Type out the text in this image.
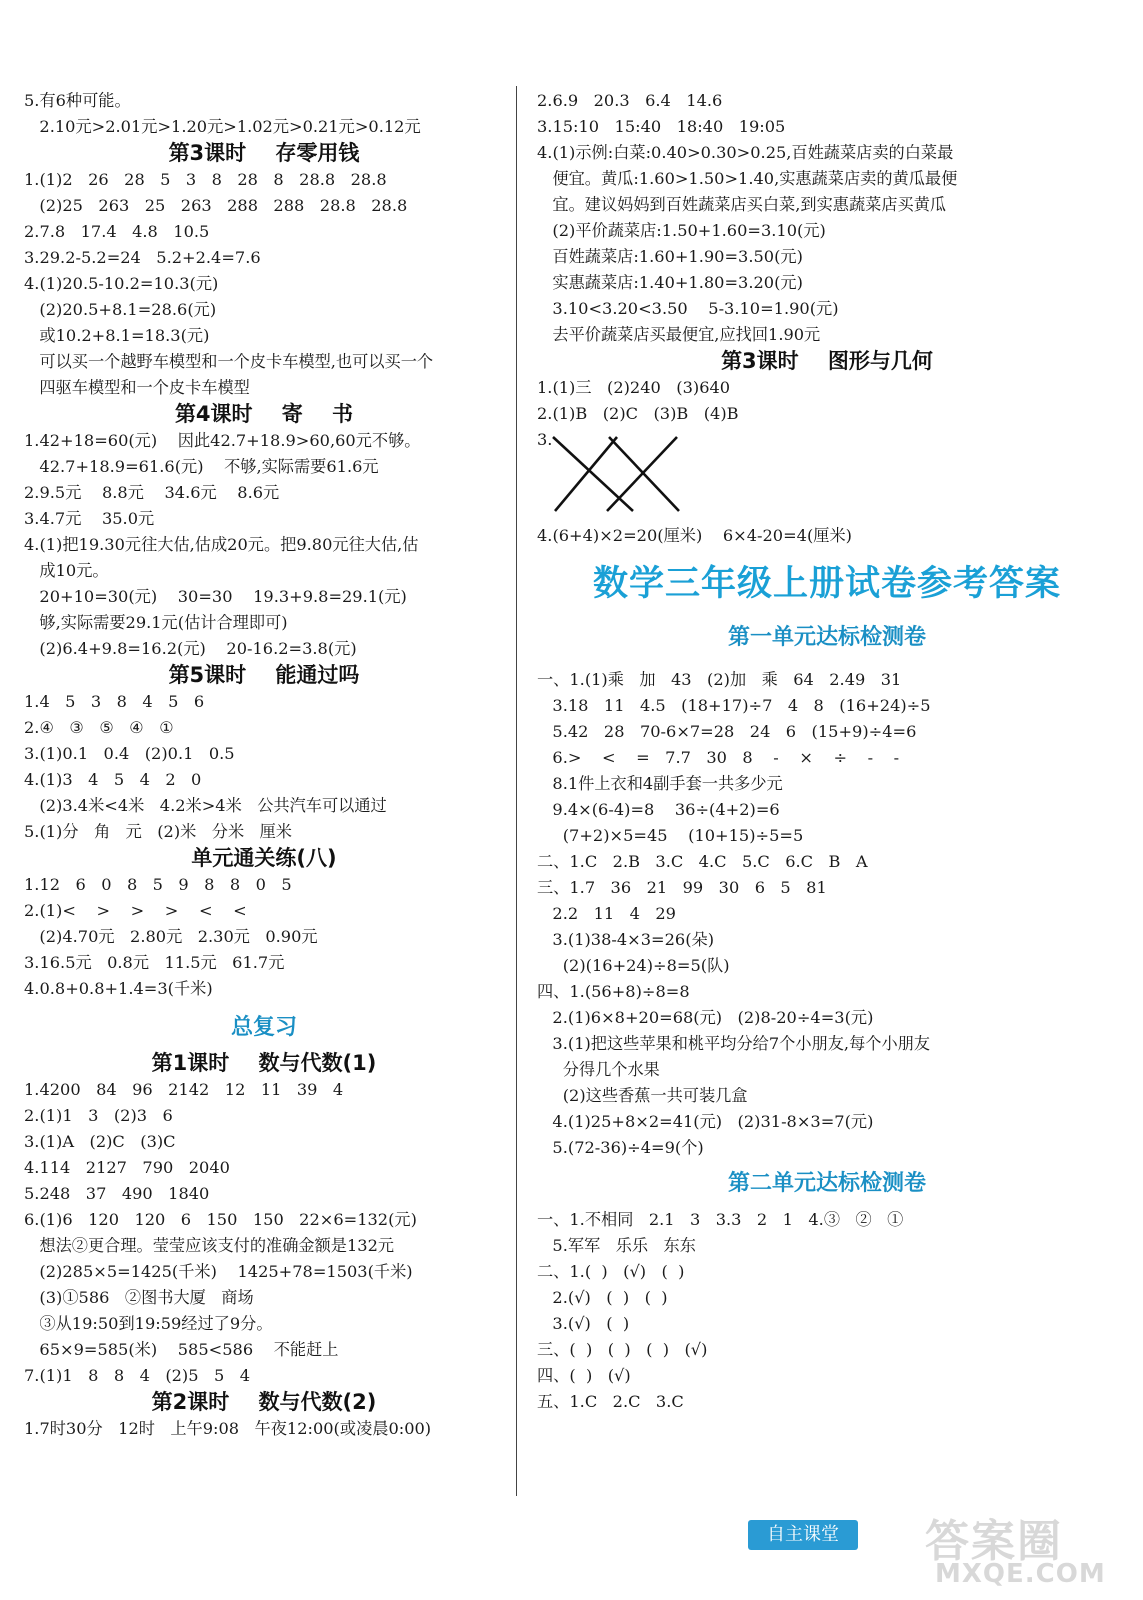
5.有6种可能。
2.10元>2.01元>1.20元>1.02元>0.21元>0.12元
第3课时    存零用钱
1.(1)2   26   28   5   3   8   28   8   28.8   28.8
(2)25   263   25   263   288   288   28.8   28.8
2.7.8   17.4   4.8   10.5
3.29.2-5.2=24   5.2+2.4=7.6
4.(1)20.5-10.2=10.3(元)
(2)20.5+8.1=28.6(元)
或10.2+8.1=18.3(元)
可以买一个越野车模型和一个皮卡车模型,也可以买一个
四驱车模型和一个皮卡车模型
第4课时    寄    书
1.42+18=60(元)    因此42.7+18.9>60,60元不够。
42.7+18.9=61.6(元)    不够,实际需要61.6元
2.9.5元    8.8元    34.6元    8.6元
3.4.7元    35.0元
4.(1)把19.30元往大估,估成20元。把9.80元往大估,估
成10元。
20+10=30(元)    30=30    19.3+9.8=29.1(元)
够,实际需要29.1元(估计合理即可)
(2)6.4+9.8=16.2(元)    20-16.2=3.8(元)
第5课时    能通过吗
1.4   5   3   8   4   5   6
2.④   ③   ⑤   ④   ①
3.(1)0.1   0.4   (2)0.1   0.5
4.(1)3   4   5   4   2   0
(2)3.4米<4米   4.2米>4米   公共汽车可以通过
5.(1)分   角   元   (2)米   分米   厘米
单元通关练(八)
1.12   6   0   8   5   9   8   8   0   5
2.(1)<    >    >    >    <    <
(2)4.70元   2.80元   2.30元   0.90元
3.16.5元   0.8元   11.5元   61.7元
4.0.8+0.8+1.4=3(千米)
总复习
第1课时    数与代数(1)
1.4200   84   96   2142   12   11   39   4
2.(1)1   3   (2)3   6
3.(1)A   (2)C   (3)C
4.114   2127   790   2040
5.248   37   490   1840
6.(1)6   120   120   6   150   150   22×6=132(元)
想法②更合理。莹莹应该支付的准确金额是132元
(2)285×5=1425(千米)    1425+78=1503(千米)
(3)①586   ②图书大厦   商场
③从19:50到19:59经过了9分。
65×9=585(米)    585<586    不能赶上
7.(1)1   8   8   4   (2)5   5   4
第2课时    数与代数(2)
1.7时30分   12时   上午9:08   午夜12:00(或凌晨0:00)
2.6.9   20.3   6.4   14.6
3.15:10   15:40   18:40   19:05
4.(1)示例:白菜:0.40>0.30>0.25,百姓蔬菜店卖的白菜最
便宜。黄瓜:1.60>1.50>1.40,实惠蔬菜店卖的黄瓜最便
宜。建议妈妈到百姓蔬菜店买白菜,到实惠蔬菜店买黄瓜
(2)平价蔬菜店:1.50+1.60=3.10(元)
百姓蔬菜店:1.60+1.90=3.50(元)
实惠蔬菜店:1.40+1.80=3.20(元)
3.10<3.20<3.50    5-3.10=1.90(元)
去平价蔬菜店买最便宜,应找回1.90元
第3课时    图形与几何
1.(1)三   (2)240   (3)640
2.(1)B   (2)C   (3)B   (4)B
3.
4.(6+4)×2=20(厘米)    6×4-20=4(厘米)
数学三年级上册试卷参考答案
第一单元达标检测卷
一、1.(1)乘   加   43   (2)加   乘   64   2.49   31
3.18   11   4.5   (18+17)÷7   4   8   (16+24)÷5
5.42   28   70-6×7=28   24   6   (15+9)÷4=6
6.>    <    =   7.7   30   8    -    ×    ÷    -    -
8.1件上衣和4副手套一共多少元
9.4×(6-4)=8    36÷(4+2)=6
(7+2)×5=45    (10+15)÷5=5
二、1.C   2.B   3.C   4.C   5.C   6.C   B   A
三、1.7   36   21   99   30   6   5   81
2.2   11   4   29
3.(1)38-4×3=26(朵)
(2)(16+24)÷8=5(队)
四、1.(56+8)÷8=8
2.(1)6×8+20=68(元)   (2)8-20÷4=3(元)
3.(1)把这些苹果和桃平均分给7个小朋友,每个小朋友
分得几个水果
(2)这些香蕉一共可装几盒
4.(1)25+8×2=41(元)   (2)31-8×3=7(元)
5.(72-36)÷4=9(个)
第二单元达标检测卷
一、1.不相同   2.1   3   3.3   2   1   4.③   ②   ①
5.军军   乐乐   东东
二、1.(  )   (√)   (  )
2.(√)   (  )   (  )
3.(√)   (  )
三、(  )   (  )   (  )   (√)
四、(  )   (√)
五、1.C   2.C   3.C
自主课堂	答案圈
MXQE.COM
